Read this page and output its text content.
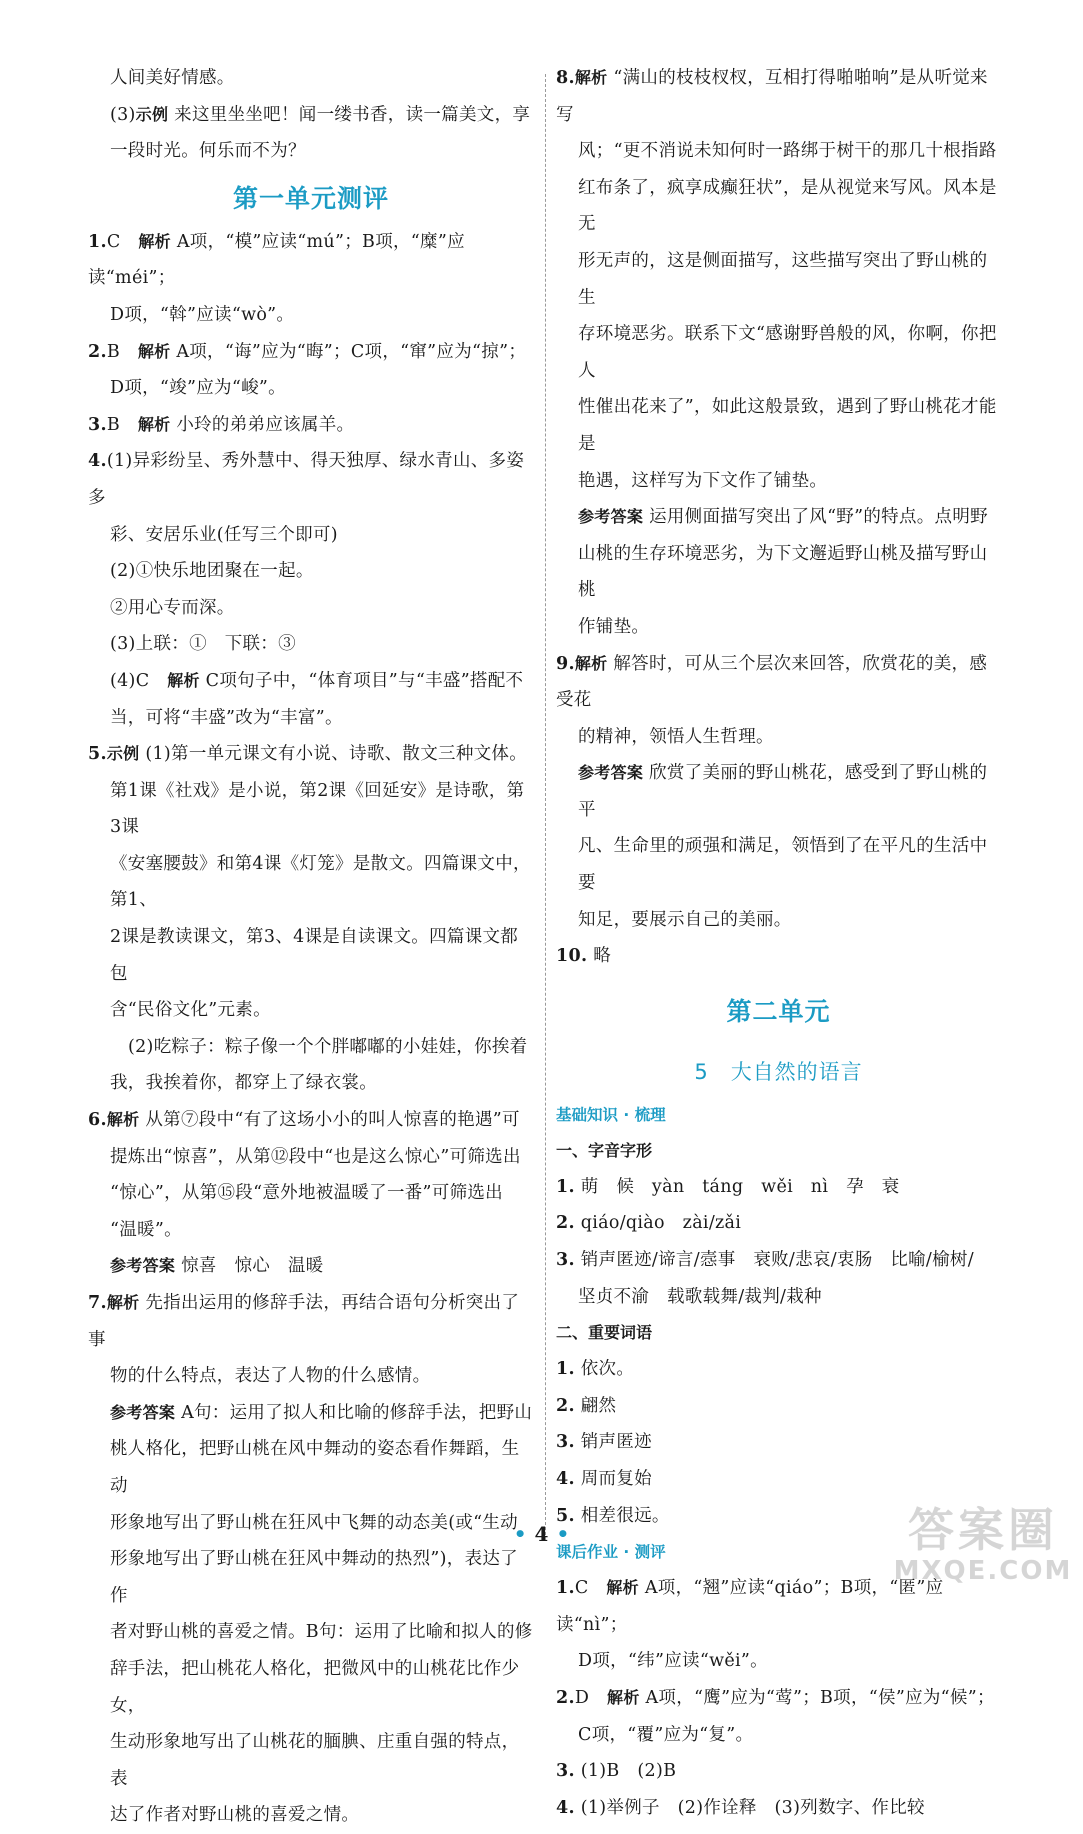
人间美好情感。

(3)示例 来这里坐坐吧！闻一缕书香，读一篇美文，享

一段时光。何乐而不为？

第一单元测评

1.C　解析 A项，“模”应读“mú”；B项，“糜”应读“méi”；

D项，“斡”应读“wò”。

2.B　解析 A项，“诲”应为“晦”；C项，“窜”应为“掠”；

D项，“竣”应为“峻”。

3.B　解析 小玲的弟弟应该属羊。

4.(1)异彩纷呈、秀外慧中、得天独厚、绿水青山、多姿多

彩、安居乐业(任写三个即可)

(2)①快乐地团聚在一起。

②用心专而深。

(3)上联：①　下联：③

(4)C　解析 C项句子中，“体育项目”与“丰盛”搭配不

当，可将“丰盛”改为“丰富”。

5.示例 (1)第一单元课文有小说、诗歌、散文三种文体。

第1课《社戏》是小说，第2课《回延安》是诗歌，第3课

《安塞腰鼓》和第4课《灯笼》是散文。四篇课文中，第1、

2课是教读课文，第3、4课是自读课文。四篇课文都包

含“民俗文化”元素。

(2)吃粽子：粽子像一个个胖嘟嘟的小娃娃，你挨着

我，我挨着你，都穿上了绿衣裳。

6.解析 从第⑦段中“有了这场小小的叫人惊喜的艳遇”可

提炼出“惊喜”，从第⑫段中“也是这么惊心”可筛选出

“惊心”，从第⑮段“意外地被温暖了一番”可筛选出

“温暖”。

参考答案 惊喜　惊心　温暖

7.解析 先指出运用的修辞手法，再结合语句分析突出了事

物的什么特点，表达了人物的什么感情。

参考答案 A句：运用了拟人和比喻的修辞手法，把野山

桃人格化，把野山桃在风中舞动的姿态看作舞蹈，生动

形象地写出了野山桃在狂风中飞舞的动态美(或“生动

形象地写出了野山桃在狂风中舞动的热烈”)，表达了作

者对野山桃的喜爱之情。B句：运用了比喻和拟人的修

辞手法，把山桃花人格化，把微风中的山桃花比作少女，

生动形象地写出了山桃花的腼腆、庄重自强的特点，表

达了作者对野山桃的喜爱之情。

8.解析 “满山的枝枝杈杈，互相打得啪啪响”是从听觉来写

风；“更不消说未知何时一路绑于树干的那几十根指路

红布条了，疯享成癫狂状”，是从视觉来写风。风本是无

形无声的，这是侧面描写，这些描写突出了野山桃的生

存环境恶劣。联系下文“感谢野兽般的风，你啊，你把人

性催出花来了”，如此这般景致，遇到了野山桃花才能是

艳遇，这样写为下文作了铺垫。

参考答案 运用侧面描写突出了风“野”的特点。点明野

山桃的生存环境恶劣，为下文邂逅野山桃及描写野山桃

作铺垫。

9.解析 解答时，可从三个层次来回答，欣赏花的美，感受花

的精神，领悟人生哲理。

参考答案 欣赏了美丽的野山桃花，感受到了野山桃的平

凡、生命里的顽强和满足，领悟到了在平凡的生活中要

知足，要展示自己的美丽。

10. 略

第二单元
5 大自然的语言
基础知识 · 梳理
一、字音字形

1. 萌　候　yàn　táng　wěi　nì　孕　衰

2. qiáo/qiào　zài/zǎi

3. 销声匿迹/谛言/悫事　衰败/悲哀/衷肠　比喻/榆树/

坚贞不渝　载歌载舞/裁判/栽种

二、重要词语

1. 依次。

2. 翩然

3. 销声匿迹

4. 周而复始

5. 相差很远。

课后作业 · 测评

1.C　解析 A项，“翘”应读“qiáo”；B项，“匿”应读“nì”；

D项，“纬”应读“wěi”。

2.D　解析 A项，“鹰”应为“莺”；B项，“侯”应为“候”；

C项，“覆”应为“复”。

3. (1)B　(2)B

4. (1)举例子　(2)作诠释　(3)列数字、作比较

• 4 •	答案圈
MXQE.COM
